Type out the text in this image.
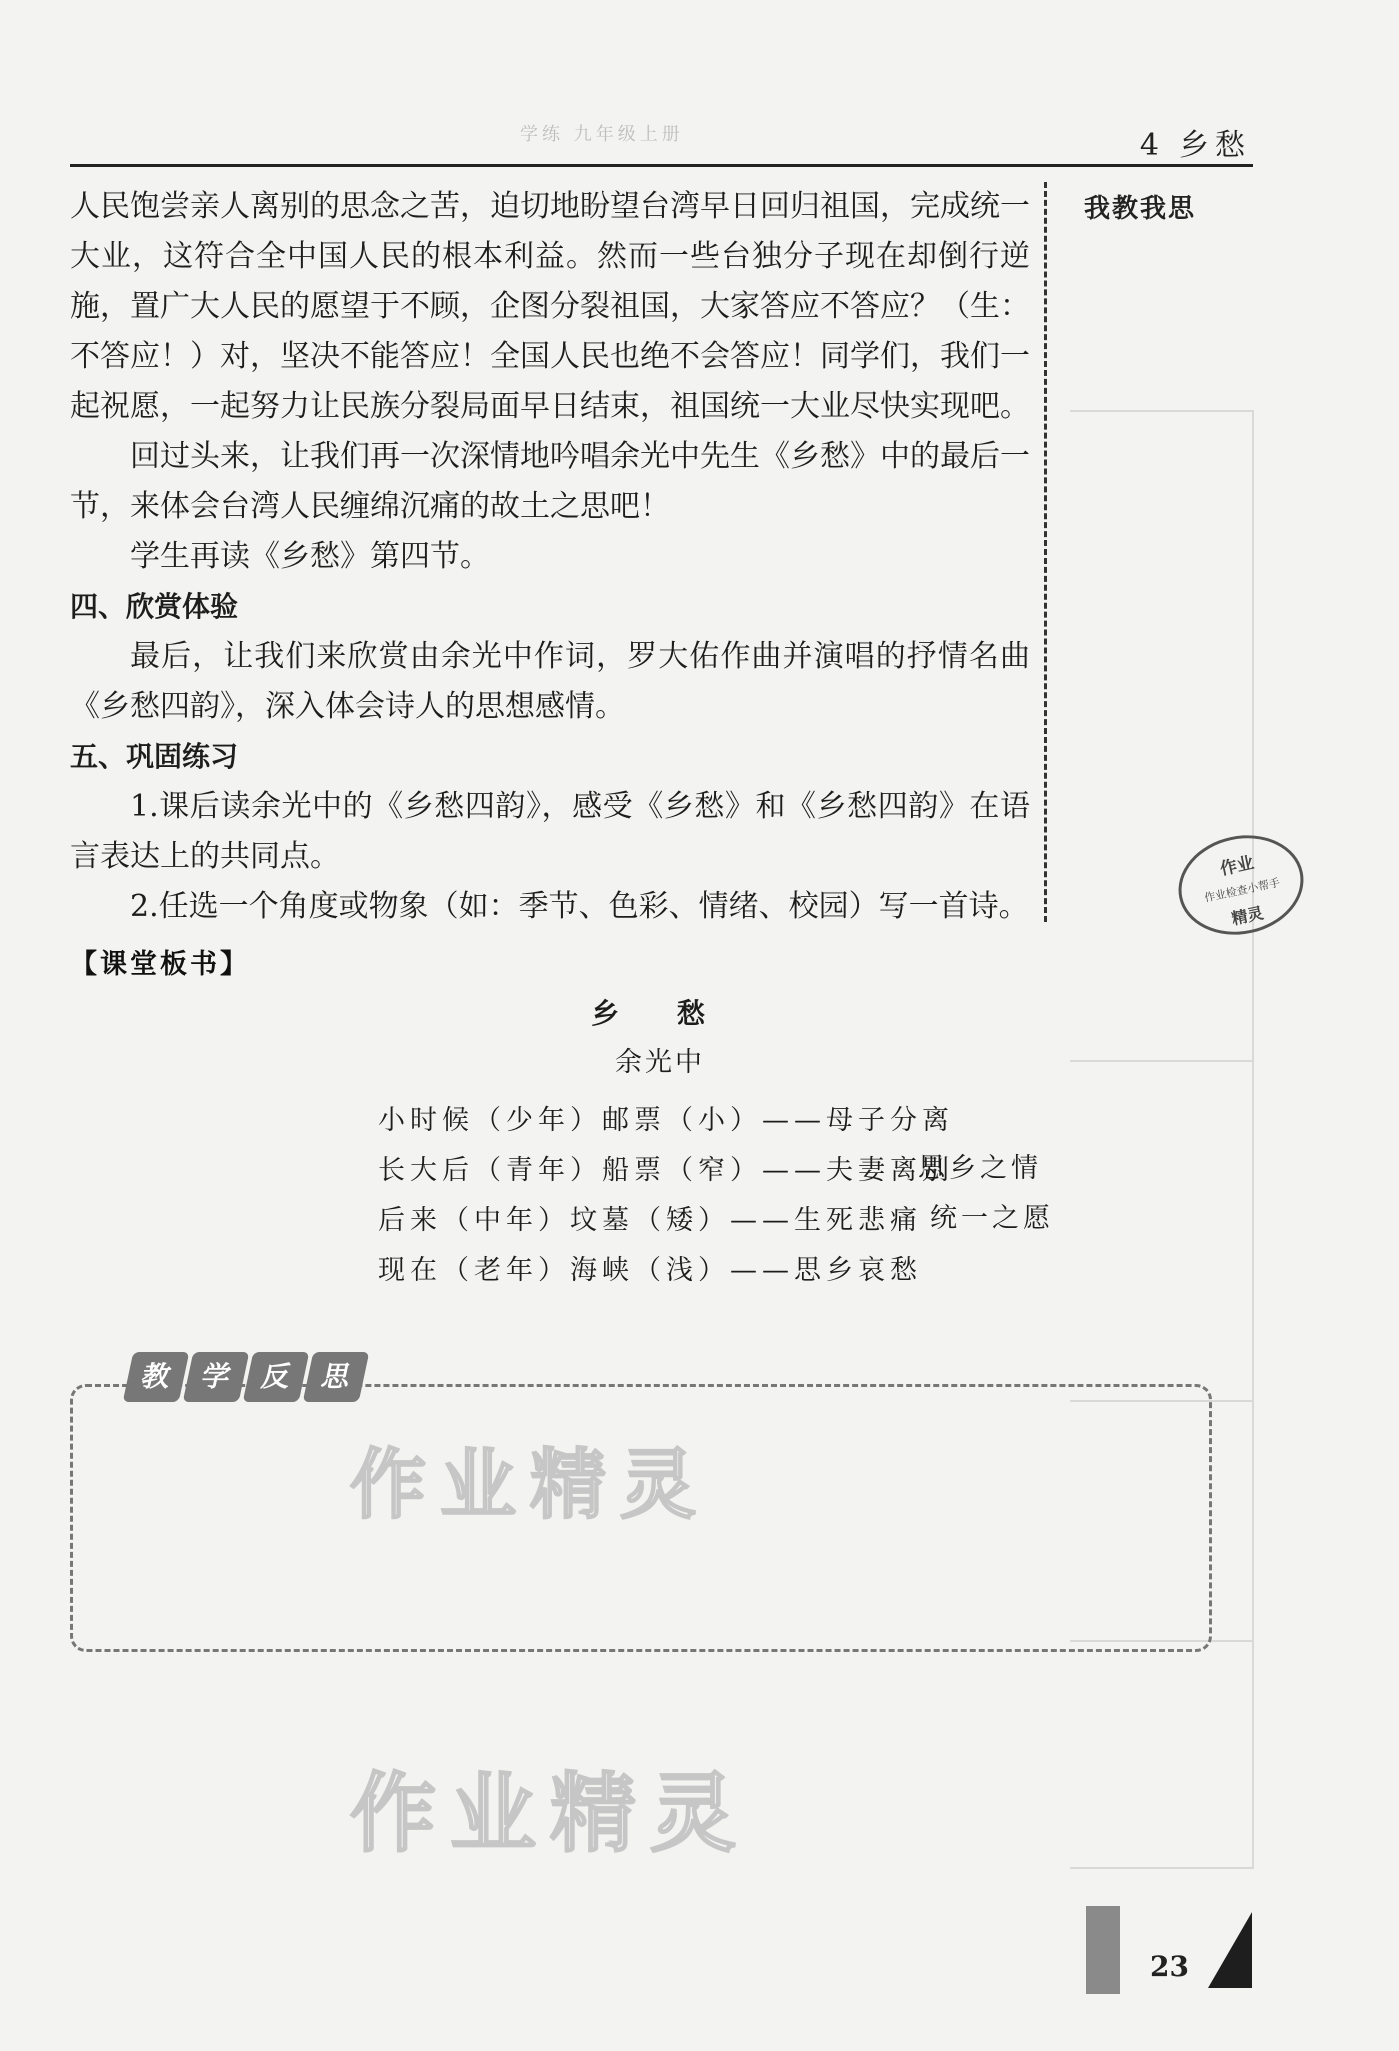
学练 九年级上册	4 乡愁

人民饱尝亲人离别的思念之苦，迫切地盼望台湾早日回归祖国，完成统一大业，这符合全中国人民的根本利益。然而一些台独分子现在却倒行逆施，置广大人民的愿望于不顾，企图分裂祖国，大家答应不答应？（生：不答应！）对，坚决不能答应！全国人民也绝不会答应！同学们，我们一起祝愿，一起努力让民族分裂局面早日结束，祖国统一大业尽快实现吧。

回过头来，让我们再一次深情地吟唱余光中先生《乡愁》中的最后一节，来体会台湾人民缠绵沉痛的故土之思吧！

学生再读《乡愁》第四节。

四、欣赏体验

最后，让我们来欣赏由余光中作词，罗大佑作曲并演唱的抒情名曲《乡愁四韵》，深入体会诗人的思想感情。

五、巩固练习

1.课后读余光中的《乡愁四韵》，感受《乡愁》和《乡愁四韵》在语言表达上的共同点。

2.任选一个角度或物象（如：季节、色彩、情绪、校园）写一首诗。

我教我思
作业
作业检查小帮手
精灵
【课堂板书】
乡 愁
余光中
小时候（少年）邮票（小）——母子分离
长大后（青年）船票（窄）——夫妻离别
后来（中年）坟墓（矮）——生死悲痛
现在（老年）海峡（浅）——思乡哀愁
思乡之情
统一之愿
教 学 反 思
作业精灵
作业精灵
23
